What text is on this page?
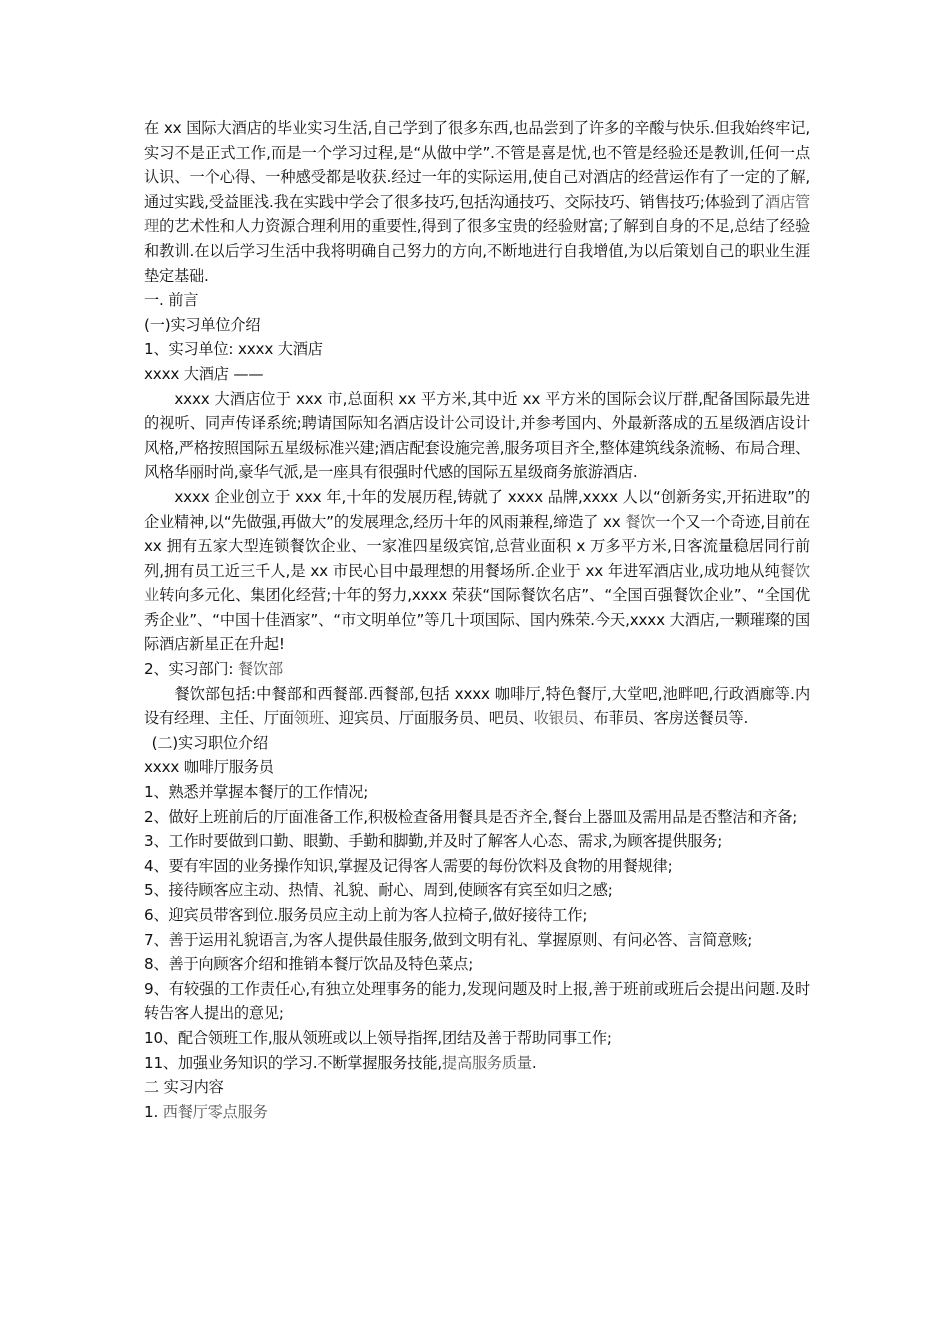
在 xx 国际大酒店的毕业实习生活,自己学到了很多东西,也品尝到了许多的辛酸与快乐.但我始终牢记,实习不是正式工作,而是一个学习过程,是“从做中学”.不管是喜是忧,也不管是经验还是教训,任何一点认识、一个心得、一种感受都是收获.经过一年的实际运用,使自己对酒店的经营运作有了一定的了解,通过实践,受益匪浅.我在实践中学会了很多技巧,包括沟通技巧、交际技巧、销售技巧;体验到了酒店管理的艺术性和人力资源合理利用的重要性,得到了很多宝贵的经验财富;了解到自身的不足,总结了经验和教训.在以后学习生活中我将明确自己努力的方向,不断地进行自我增值,为以后策划自己的职业生涯垫定基础.

一. 前言

(一)实习单位介绍

1、实习单位: xxxx 大酒店

xxxx 大酒店 ——

xxxx 大酒店位于 xxx 市,总面积 xx 平方米,其中近 xx 平方米的国际会议厅群,配备国际最先进的视听、同声传译系统;聘请国际知名酒店设计公司设计,并参考国内、外最新落成的五星级酒店设计风格,严格按照国际五星级标准兴建;酒店配套设施完善,服务项目齐全,整体建筑线条流畅、布局合理、风格华丽时尚,豪华气派,是一座具有很强时代感的国际五星级商务旅游酒店.

xxxx 企业创立于 xxx 年,十年的发展历程,铸就了 xxxx 品牌,xxxx 人以“创新务实,开拓进取”的企业精神,以“先做强,再做大”的发展理念,经历十年的风雨兼程,缔造了 xx 餐饮一个又一个奇迹,目前在 xx 拥有五家大型连锁餐饮企业、一家准四星级宾馆,总营业面积 x 万多平方米,日客流量稳居同行前列,拥有员工近三千人,是 xx 市民心目中最理想的用餐场所.企业于 xx 年进军酒店业,成功地从纯餐饮业转向多元化、集团化经营;十年的努力,xxxx 荣获“国际餐饮名店”、“全国百强餐饮企业”、“全国优秀企业”、“中国十佳酒家”、“市文明单位”等几十项国际、国内殊荣.今天,xxxx 大酒店,一颗璀璨的国际酒店新星正在升起!

2、实习部门: 餐饮部

餐饮部包括:中餐部和西餐部.西餐部,包括 xxxx 咖啡厅,特色餐厅,大堂吧,池畔吧,行政酒廊等.内设有经理、主任、厅面领班、迎宾员、厅面服务员、吧员、收银员、布菲员、客房送餐员等.

(二)实习职位介绍

xxxx 咖啡厅服务员

1、熟悉并掌握本餐厅的工作情况;

2、做好上班前后的厅面准备工作,积极检查备用餐具是否齐全,餐台上器皿及需用品是否整洁和齐备;

3、工作时要做到口勤、眼勤、手勤和脚勤,并及时了解客人心态、需求,为顾客提供服务;

4、要有牢固的业务操作知识,掌握及记得客人需要的每份饮料及食物的用餐规律;

5、接待顾客应主动、热情、礼貌、耐心、周到,使顾客有宾至如归之感;

6、迎宾员带客到位.服务员应主动上前为客人拉椅子,做好接待工作;

7、善于运用礼貌语言,为客人提供最佳服务,做到文明有礼、掌握原则、有问必答、言简意赅;

8、善于向顾客介绍和推销本餐厅饮品及特色菜点;

9、有较强的工作责任心,有独立处理事务的能力,发现问题及时上报,善于班前或班后会提出问题.及时转告客人提出的意见;

10、配合领班工作,服从领班或以上领导指挥,团结及善于帮助同事工作;

11、加强业务知识的学习.不断掌握服务技能,提高服务质量.

二 实习内容

1. 西餐厅零点服务
